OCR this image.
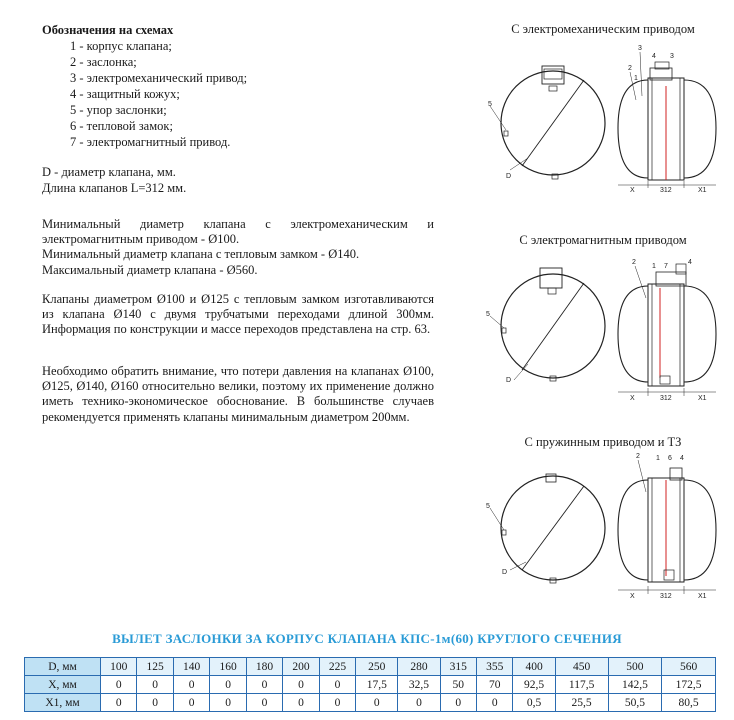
Обозначения на схемах
1 - корпус клапана;
2 - заслонка;
3 - электромеханический привод;
4 - защитный кожух;
5 - упор заслонки;
6 - тепловой замок;
7 - электромагнитный привод.
D - диаметр клапана, мм.
Длина клапанов L=312 мм.
Минимальный диаметр клапана с электромеханическим и электромагнитным приводом - Ø100.
Минимальный диаметр клапана с тепловым замком - Ø140.
Максимальный диаметр клапана - Ø560.
Клапаны диаметром Ø100 и Ø125 с тепловым замком изготавливаются из клапана Ø140 с двумя трубчатыми переходами длиной 300мм. Информация по конструкции и массе переходов представлена на стр. 63.
Необходимо обратить внимание, что потери давления на клапанах Ø100, Ø125, Ø140, Ø160 относительно велики, поэтому их применение должно иметь технико-экономическое обоснование. В большинстве случаев рекомендуется применять клапаны минимальным диаметром 200мм.
С электромеханическим приводом
С электромагнитным приводом
С пружинным приводом и ТЗ
D
5
X	312	X1
3
4 3
2
1
D
5
X	312	X1
2
1 7
4
D
5
X	312	X1
2 1 6 4
ВЫЛЕТ ЗАСЛОНКИ ЗА КОРПУС КЛАПАНА КПС-1м(60) КРУГЛОГО СЕЧЕНИЯ
D, мм	100	125	140	160	180	200	225	250	280	315	355	400	450	500	560
X, мм	0	0	0	0	0	0	0	17,5	32,5	50	70	92,5	117,5	142,5	172,5
X1, мм	0	0	0	0	0	0	0	0	0	0	0	0,5	25,5	50,5	80,5
